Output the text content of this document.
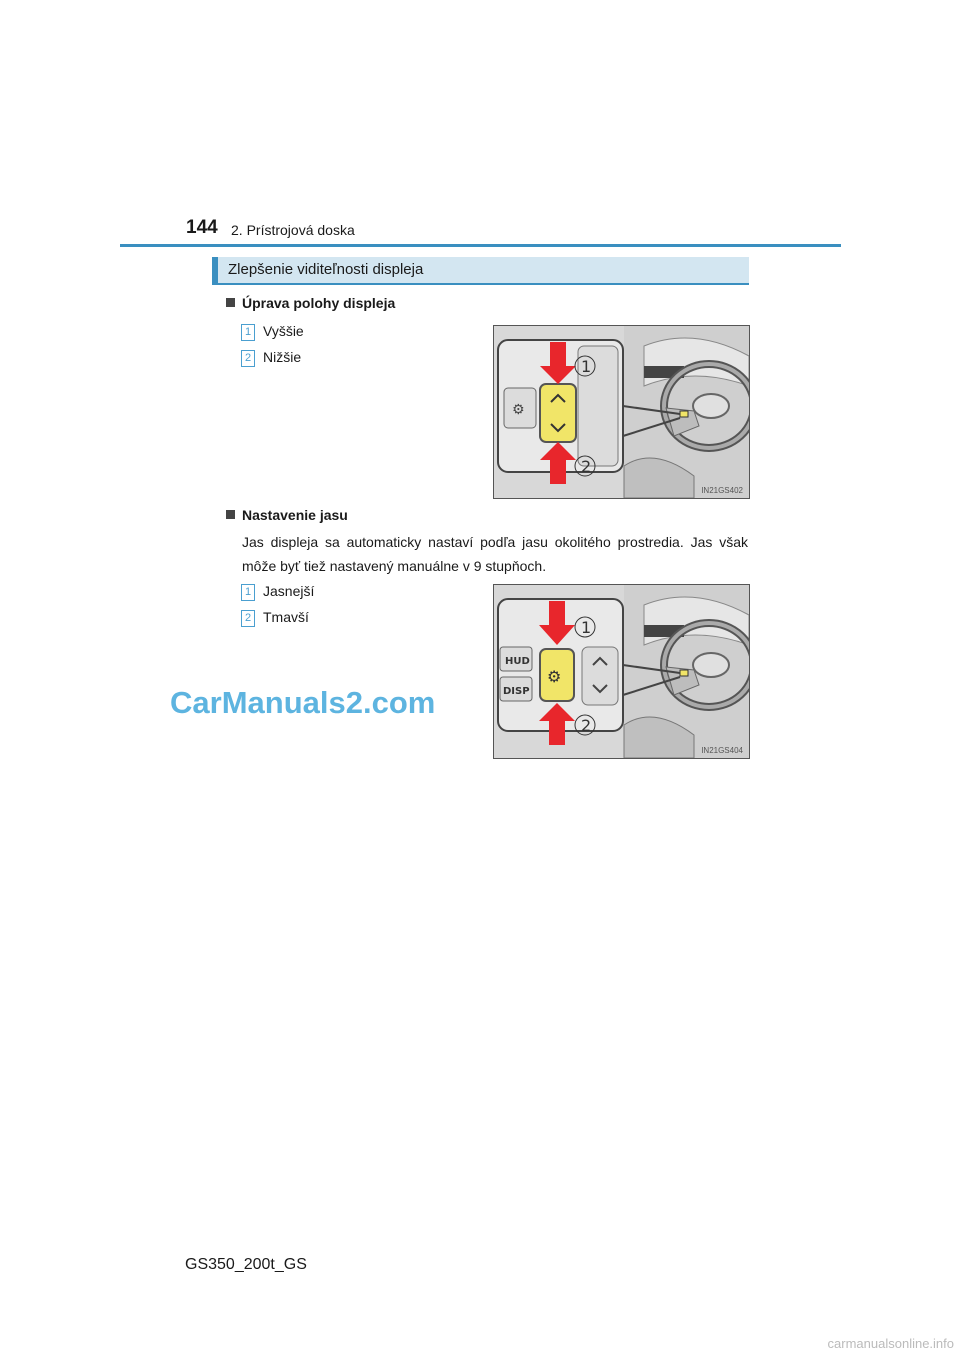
144 2. Prístrojová doska
Zlepšenie viditeľnosti displeja
Úprava polohy displeja
1 Vyššie
2 Nižšie
⚙
1
2
IN21GS402
Nastavenie jasu
Jas displeja sa automaticky nastaví podľa jasu okolitého prostredia. Jas však môže byť tiež nastavený manuálne v 9 stupňoch.
1 Jasnejší
2 Tmavší
HUD
DISP
⚙
1
2
IN21GS404
CarManuals2.com
GS350_200t_GS
carmanualsonline.info
